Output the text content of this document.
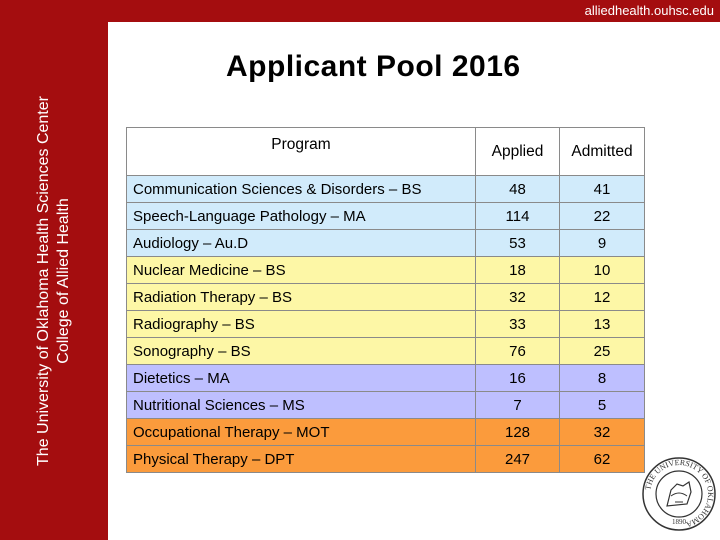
alliedhealth.ouhsc.edu
The University of Oklahoma Health Sciences Center College of Allied Health
Applicant Pool 2016
Program	Applied	Admitted
Communication Sciences & Disorders – BS	48	41
Speech-Language Pathology – MA	114	22
Audiology – Au.D	53	9
Nuclear Medicine – BS	18	10
Radiation Therapy – BS	32	12
Radiography – BS	33	13
Sonography – BS	76	25
Dietetics – MA	16	8
Nutritional Sciences – MS	7	5
Occupational Therapy – MOT	128	32
Physical Therapy – DPT	247	62
THE UNIVERSITY OF OKLAHOMA
1890
